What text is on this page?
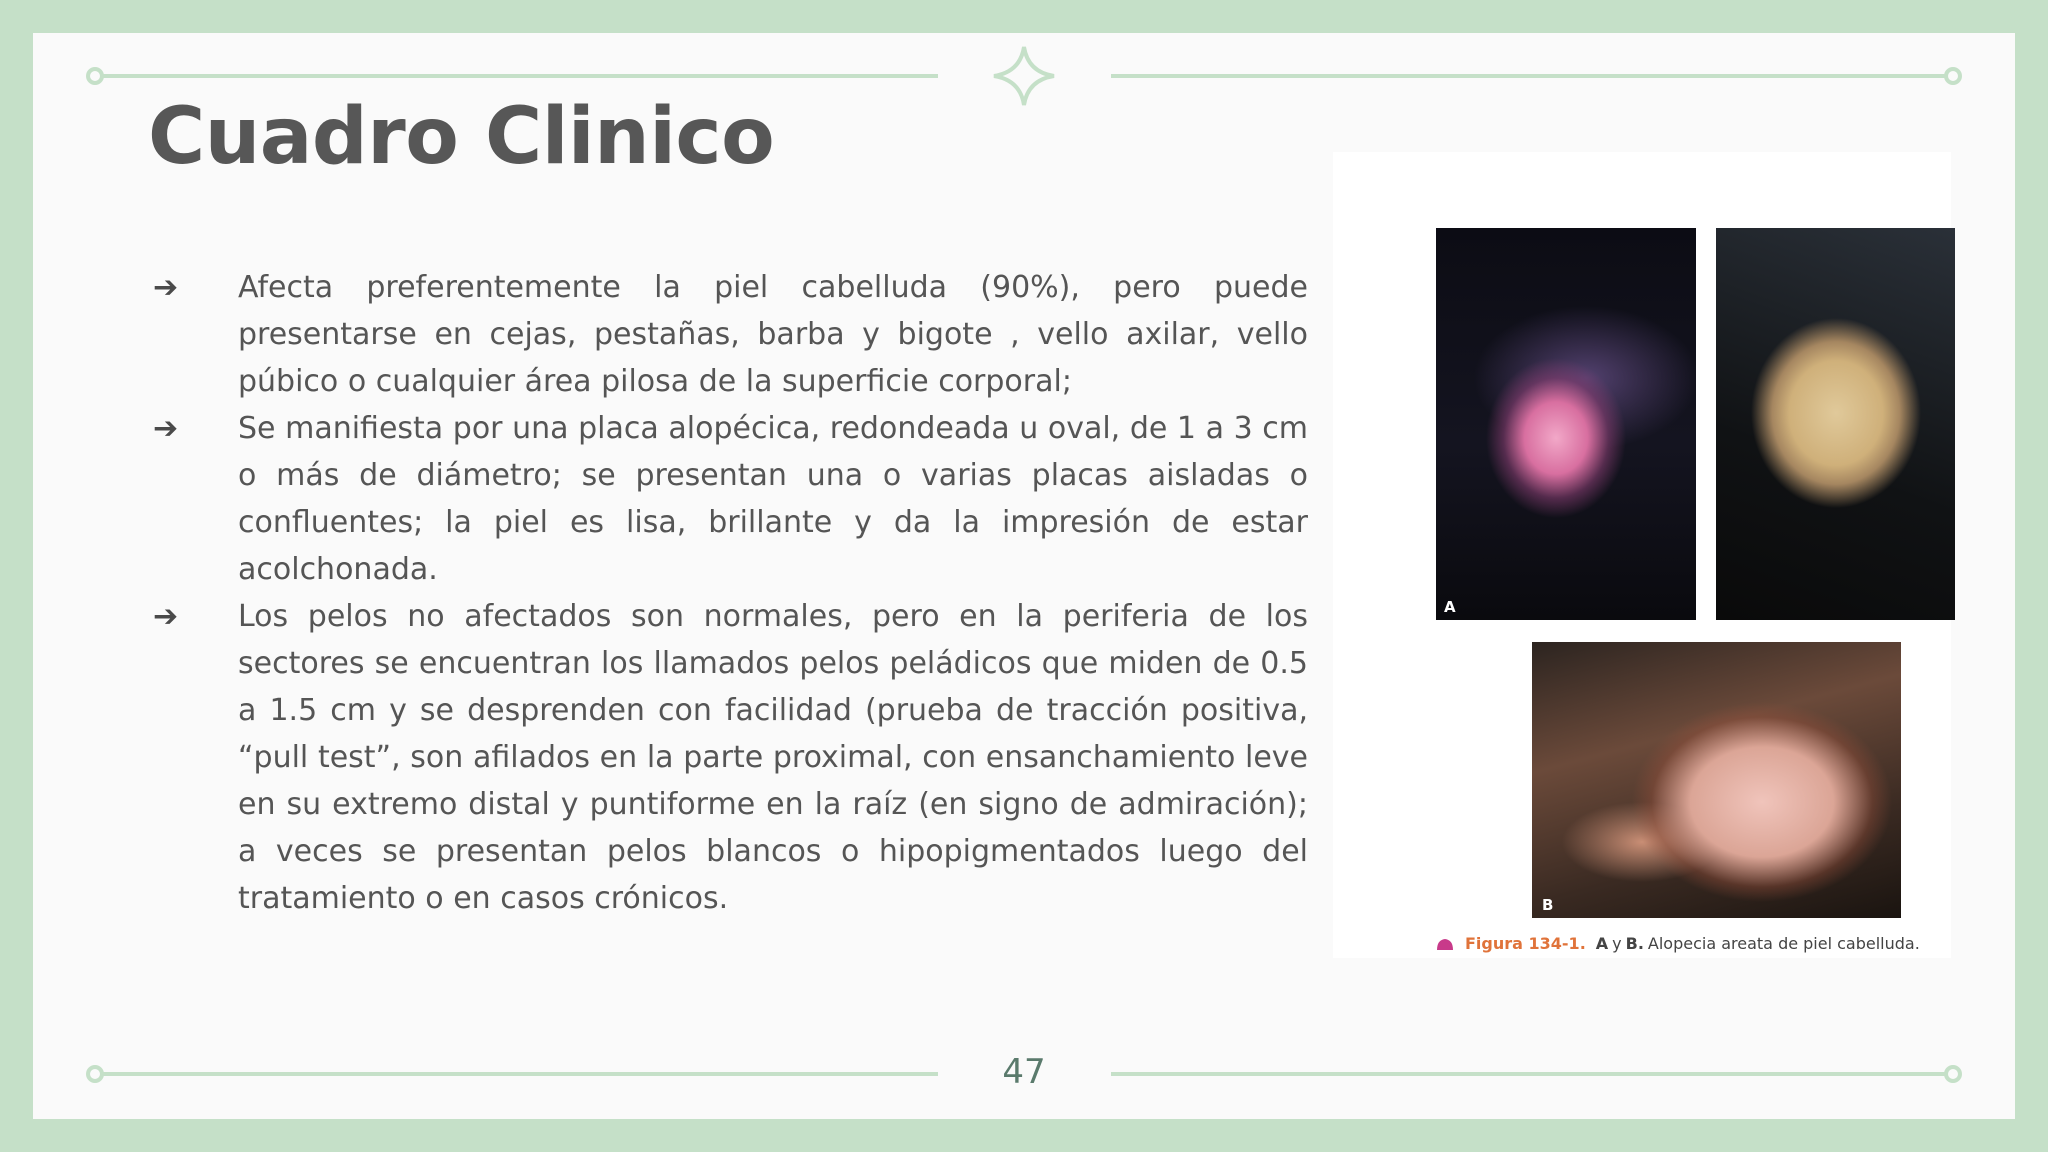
Cuadro Clinico
➔	Afecta preferentemente la piel cabelluda (90%), pero puede presentarse en cejas, pestañas, barba y bigote , vello axilar, vello púbico o cualquier área pilosa de la superficie corporal;
➔	Se manifiesta por una placa alopécica, redondeada u oval, de 1 a 3 cm o más de diámetro; se presentan una o varias placas aisladas o confluentes; la piel es lisa, brillante y da la impresión de estar acolchonada.
➔	Los pelos no afectados son normales, pero en la periferia de los sectores se encuentran los llamados pelos peládicos que miden de 0.5 a 1.5 cm y se desprenden con facilidad (prueba de tracción positiva, “pull test”, son afilados en la parte proximal, con ensanchamiento leve en su extremo distal y puntiforme en la raíz (en signo de admiración); a veces se presentan pelos blancos o hipopigmentados luego del tratamiento o en casos crónicos.
A
B
Figura 134-1. A y B. Alopecia areata de piel cabelluda.
47
